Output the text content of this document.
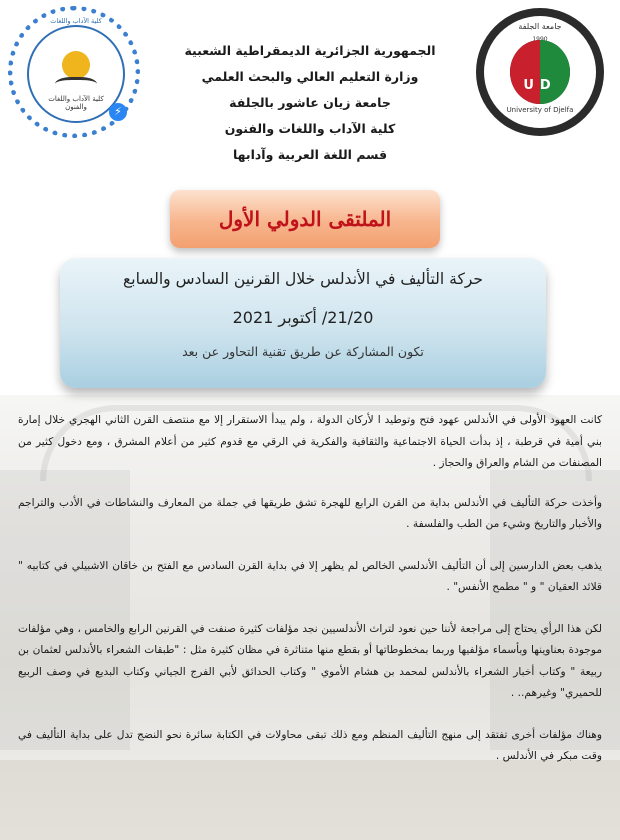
كلية الآداب واللغات
كلية الآداب واللغات والفنون	⚡
جامعة الجلفة
UD
University of Djelfa
الجمهورية الجزائرية الديمقراطية الشعبية
وزارة التعليم العالي والبحث العلمي
جامعة زيان عاشور بالجلفة
كلية الآداب واللغات والفنون
قسم اللغة العربية وآدابها
الملتقى الدولي الأول
حركة التأليف في الأندلس خلال القرنين السادس والسابع
21/20/ أكتوبر 2021
تكون المشاركة عن طريق تقنية التحاور عن بعد

كانت العهود الأولى في الأندلس عهود فتح وتوطيد ا لأركان الدولة ، ولم يبدأ الاستقرار إلا مع منتصف القرن الثاني الهجري خلال إمارة بني أمية في قرطبة ، إذ بدأت الحياة الاجتماعية والثقافية والفكرية في الرقي مع قدوم كثير من أعلام المشرق ، ومع دخول كثير من المصنفات من الشام والعراق والحجاز .

وأخذت حركة التأليف في الأندلس بداية من القرن الرابع للهجرة تشق طريقها في جملة من المعارف والنشاطات في الأدب والتراجم والأخبار والتاريخ وشيء من الطب والفلسفة .

يذهب بعض الدارسين إلى أن التأليف الأندلسي الخالص لم يظهر إلا في بداية القرن السادس مع الفتح بن خاقان الاشبيلي في كتابيه " قلائد العقيان " و " مطمح الأنفس" .

لكن هذا الرأي يحتاج إلى مراجعة لأننا حين نعود لتراث الأندلسيين نجد مؤلفات كثيرة صنفت في القرنين الرابع والخامس ، وهي مؤلفات موجودة بعناوينها وبأسماء مؤلفيها وربما بمخطوطاتها أو بقطع منها متناثرة في مظان كثيرة مثل : "طبقات الشعراء بالأندلس لعثمان بن ربيعة " وكتاب أخبار الشعراء بالأندلس لمحمد بن هشام الأموي " وكتاب الحدائق لأبي الفرج الجياني وكتاب البديع في وصف الربيع للحميري" وغيرهم.. .

وهناك مؤلفات أخرى تفتقد إلى منهج التأليف المنظم ومع ذلك تبقى محاولات في الكتابة سائرة نحو النضج تدل على بداية التأليف في وقت مبكر في الأندلس .
